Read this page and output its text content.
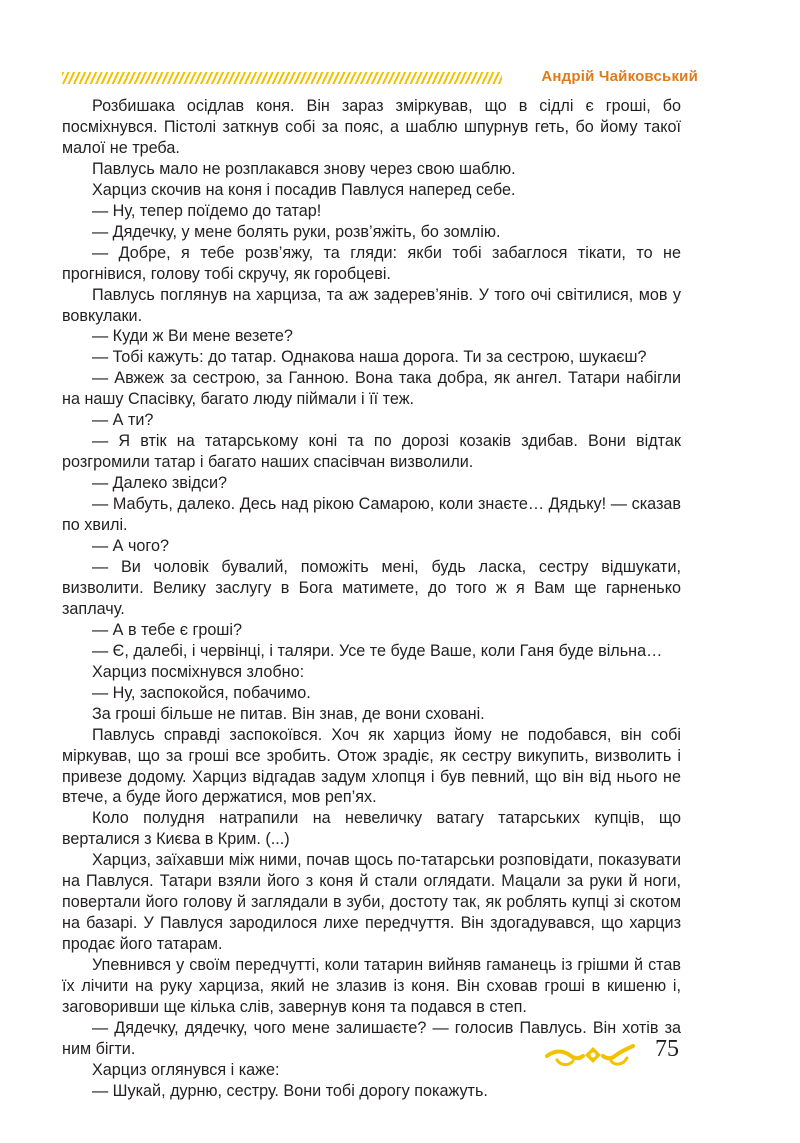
Андрій Чайковський

Розбишака осідлав коня. Він зараз зміркував, що в сідлі є гроші, бо посміхнувся. Пістолі заткнув собі за пояс, а шаблю шпурнув геть, бо йому такої малої не треба.

Павлусь мало не розплакався знову через свою шаблю.

Харциз скочив на коня і посадив Павлуся наперед себе.

— Ну, тепер поїдемо до татар!

— Дядечку, у мене болять руки, розв’яжіть, бо зомлію.

— Добре, я тебе розв’яжу, та гляди: якби тобі забаглося тікати, то не прогнівися, голову тобі скручу, як горобцеві.

Павлусь поглянув на харциза, та аж задерев’янів. У того очі світилися, мов у вовкулаки.

— Куди ж Ви мене везете?

— Тобі кажуть: до татар. Однакова наша дорога. Ти за сестрою, шукаєш?

— Авжеж за сестрою, за Ганною. Вона така добра, як ангел. Татари набігли на нашу Спасівку, багато люду піймали і її теж.

— А ти?

— Я втік на татарському коні та по дорозі козаків здибав. Вони відтак розгромили татар і багато наших спасівчан визволили.

— Далеко звідси?

— Мабуть, далеко. Десь над рікою Самарою, коли знаєте… Дядьку! — сказав по хвилі.

— А чого?

— Ви чоловік бувалий, поможіть мені, будь ласка, сестру відшукати, визволити. Велику заслугу в Бога матимете, до того ж я Вам ще гарненько заплачу.

— А в тебе є гроші?

— Є, далебі, і червінці, і таляри. Усе те буде Ваше, коли Ганя буде вільна…

Харциз посміхнувся злобно:

— Ну, заспокойся, побачимо.

За гроші більше не питав. Він знав, де вони сховані.

Павлусь справді заспокоївся. Хоч як харциз йому не подобався, він собі міркував, що за гроші все зробить. Отож зрадіє, як сестру викупить, визволить і привезе додому. Харциз відгадав задум хлопця і був певний, що він від нього не втече, а буде його держатися, мов реп’ях.

Коло полудня натрапили на невеличку ватагу татарських купців, що верталися з Києва в Крим. (...)

Харциз, заїхавши між ними, почав щось по-татарськи розповідати, показувати на Павлуся. Татари взяли його з коня й стали оглядати. Мацали за руки й ноги, повертали його голову й заглядали в зуби, достоту так, як роблять купці зі скотом на базарі. У Павлуся зародилося лихе передчуття. Він здогадувався, що харциз продає його татарам.

Упевнився у своїм передчутті, коли татарин вийняв гаманець із грішми й став їх лічити на руку харциза, який не злазив із коня. Він сховав гроші в кишеню і, заговоривши ще кілька слів, завернув коня та подався в степ.

— Дядечку, дядечку, чого мене залишаєте? — голосив Павлусь. Він хотів за ним бігти.

Харциз оглянувся і каже:

— Шукай, дурню, сестру. Вони тобі дорогу покажуть.

75
